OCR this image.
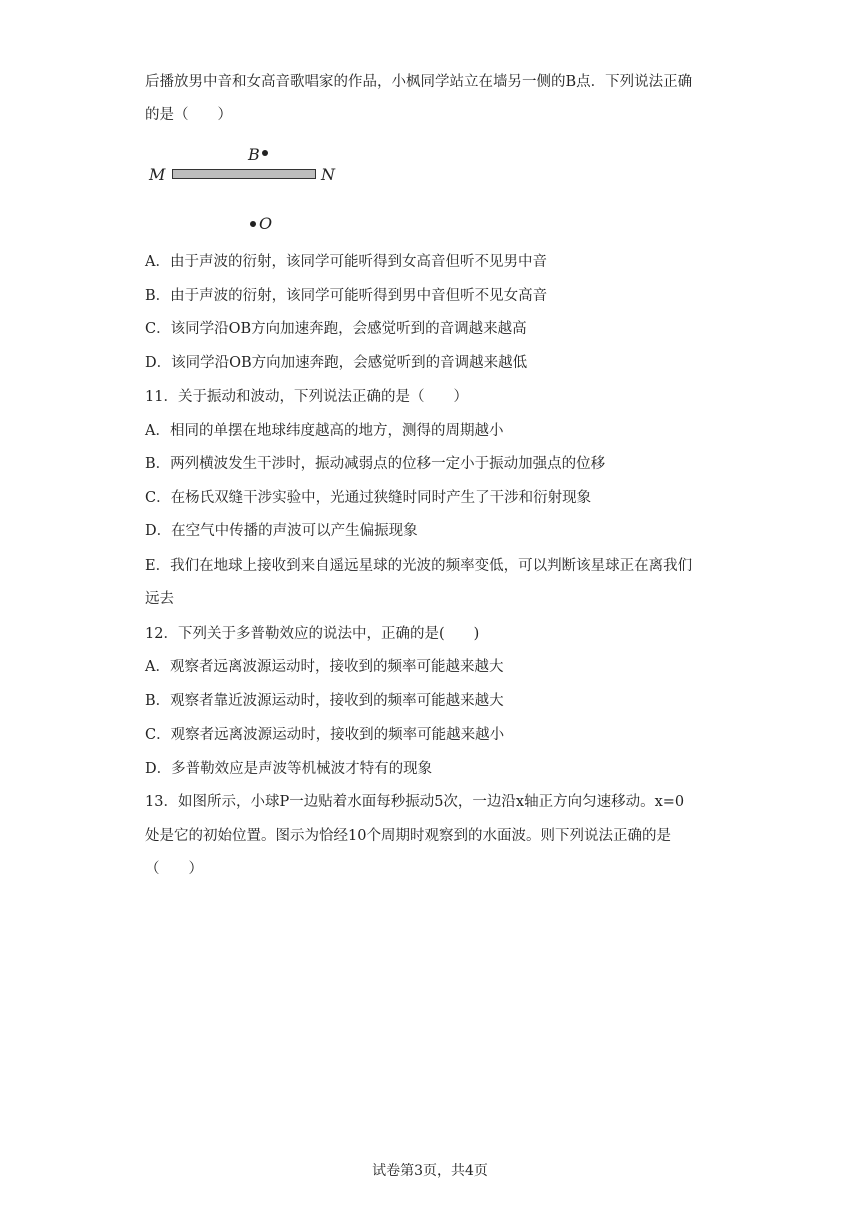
后播放男中音和女高音歌唱家的作品，小枫同学站立在墙另一侧的B点．下列说法正确
的是（　　）
B
M	N
O
A．由于声波的衍射，该同学可能听得到女高音但听不见男中音
B．由于声波的衍射，该同学可能听得到男中音但听不见女高音
C．该同学沿OB方向加速奔跑，会感觉听到的音调越来越高
D．该同学沿OB方向加速奔跑，会感觉听到的音调越来越低
11．关于振动和波动，下列说法正确的是（　　）
A．相同的单摆在地球纬度越高的地方，测得的周期越小
B．两列横波发生干涉时，振动减弱点的位移一定小于振动加强点的位移
C．在杨氏双缝干涉实验中，光通过狭缝时同时产生了干涉和衍射现象
D．在空气中传播的声波可以产生偏振现象
E．我们在地球上接收到来自遥远星球的光波的频率变低，可以判断该星球正在离我们
远去
12．下列关于多普勒效应的说法中，正确的是(　　)
A．观察者远离波源运动时，接收到的频率可能越来越大
B．观察者靠近波源运动时，接收到的频率可能越来越大
C．观察者远离波源运动时，接收到的频率可能越来越小
D．多普勒效应是声波等机械波才特有的现象
13．如图所示，小球P一边贴着水面每秒振动5次，一边沿x轴正方向匀速移动。x=0
处是它的初始位置。图示为恰经10个周期时观察到的水面波。则下列说法正确的是
（　　）
试卷第3页，共4页
